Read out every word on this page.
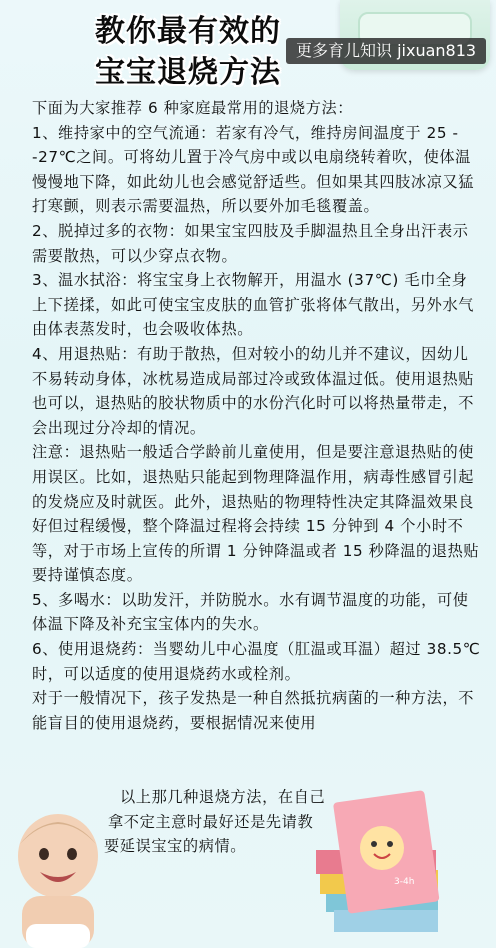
教你最有效的
宝宝退烧方法
更多育儿知识 jixuan813

下面为大家推荐 6 种家庭最常用的退烧方法：

1、维持家中的空气流通：若家有冷气，维持房间温度于 25 --27℃之间。可将幼儿置于冷气房中或以电扇绕转着吹，使体温慢慢地下降，如此幼儿也会感觉舒适些。但如果其四肢冰凉又猛打寒颤，则表示需要温热，所以要外加毛毯覆盖。

2、脱掉过多的衣物：如果宝宝四肢及手脚温热且全身出汗表示需要散热，可以少穿点衣物。

3、温水拭浴：将宝宝身上衣物解开，用温水 (37℃) 毛巾全身上下搓揉，如此可使宝宝皮肤的血管扩张将体气散出，另外水气由体表蒸发时，也会吸收体热。

4、用退热贴：有助于散热，但对较小的幼儿并不建议，因幼儿不易转动身体，冰枕易造成局部过冷或致体温过低。使用退热贴也可以，退热贴的胶状物质中的水份汽化时可以将热量带走，不会出现过分冷却的情况。

注意：退热贴一般适合学龄前儿童使用，但是要注意退热贴的使用误区。比如，退热贴只能起到物理降温作用，病毒性感冒引起的发烧应及时就医。此外，退热贴的物理特性决定其降温效果良好但过程缓慢，整个降温过程将会持续 15 分钟到 4 个小时不等，对于市场上宣传的所谓 1 分钟降温或者 15 秒降温的退热贴要持谨慎态度。

5、多喝水：以助发汗，并防脱水。水有调节温度的功能，可使体温下降及补充宝宝体内的失水。

6、使用退烧药：当婴幼儿中心温度（肛温或耳温）超过 38.5℃时，可以适度的使用退烧药水或栓剂。

对于一般情况下，孩子发热是一种自然抵抗病菌的一种方法，不能盲目的使用退烧药，要根据情况来使用

以上那几种退烧方法，在自己
拿不定主意时最好还是先请教
要延误宝宝的病情。
3-4h
